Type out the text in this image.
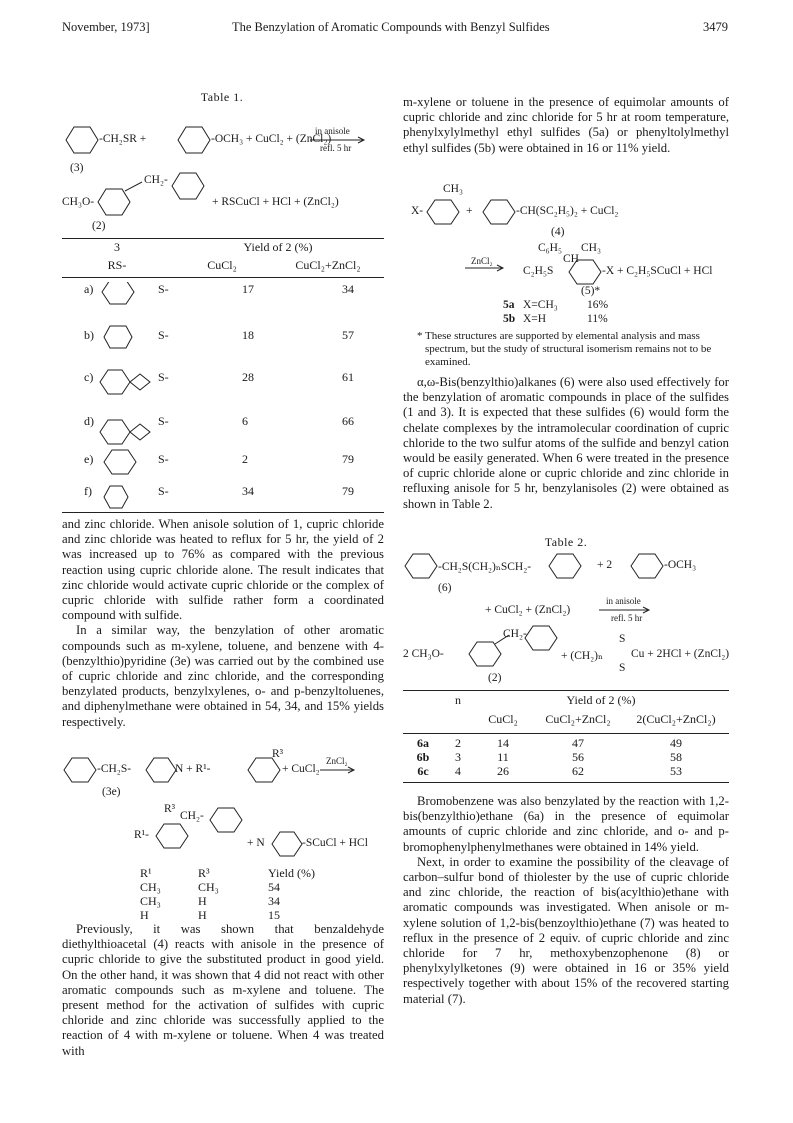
November, 1973]	The Benzylation of Aromatic Compounds with Benzyl Sulfides	3479
Table 1.
-CH₂SR +	-OCH₃ + CuCl₂ + (ZnCl₂)
in anisole
refl. 5 hr
(3)
CH₃O-
CH₂-
+ RSCuCl + HCl + (ZnCl₂)
(2)
3	Yield of 2 (%)	
RS-	CuCl₂	CuCl₂+ZnCl₂
a)	S-	17	34
b)	S-	18	57
c)	S-	28	61
d)	S-	6	66
e)	S-	2	79
f)	S-	34	79

and zinc chloride. When anisole solution of 1, cupric chloride and zinc chloride was heated to reflux for 5 hr, the yield of 2 was increased up to 76% as compared with the previous reaction using cupric chloride alone. The result indicates that zinc chloride would activate cupric chloride or the complex of cupric chloride with sulfide rather form a coordinated compound with sulfide.

In a similar way, the benzylation of other aromatic compounds such as m-xylene, toluene, and benzene with 4-(benzylthio)pyridine (3e) was carried out by the combined use of cupric chloride and zinc chloride, and the corresponding benzylated products, benzylxylenes, o- and p-benzyltoluenes, and diphenylmethane were obtained in 54, 34, and 15% yields respectively.

-CH₂S-	N + R¹-	+ CuCl₂
R³
ZnCl₂
(3e)
R³
CH₂-
R¹-
+ N	-SCuCl + HCl
R¹	R³	Yield (%)
CH₃	CH₃	54
CH₃	H	34
H	H	15

Previously, it was shown that benzaldehyde diethylthioacetal (4) reacts with anisole in the presence of cupric chloride to give the substituted product in good yield. On the other hand, it was shown that 4 did not react with other aromatic compounds such as m-xylene and toluene. The present method for the activation of sulfides with cupric chloride and zinc chloride was successfully applied to the reaction of 4 with m-xylene or toluene. When 4 was treated with

m-xylene or toluene in the presence of equimolar amounts of cupric chloride and zinc chloride for 5 hr at room temperature, phenylxylylmethyl ethyl sulfides (5a) or phenyltolylmethyl ethyl sulfides (5b) were obtained in 16 or 11% yield.

CH₃
X-	+	-CH(SC₂H₅)₂ + CuCl₂
(4)
C₆H₅ CH₃
CH
ZnCl₂
C₂H₅S	-X + C₂H₅SCuCl + HCl
(5)*
5a X=CH₃	16%
5b X=H	11%
* These structures are supported by elemental analysis and mass spectrum, but the study of structural isomerism remains not to be examined.

α,ω-Bis(benzylthio)alkanes (6) were also used effectively for the benzylation of aromatic compounds in place of the sulfides (1 and 3). It is expected that these sulfides (6) would form the chelate complexes by the intramolecular coordination of cupric chloride to the two sulfur atoms of the sulfide and benzyl cation would be easily generated. When 6 were treated in the presence of cupric chloride alone or cupric chloride and zinc chloride in refluxing anisole for 5 hr, benzylanisoles (2) were obtained as shown in Table 2.

Table 2.
-CH₂S(CH₂)ₙSCH₂-	+ 2	-OCH₃
(6)
+ CuCl₂ + (ZnCl₂)
in anisole
refl. 5 hr
2 CH₃O-
CH₂-
+ (CH₂)ₙ
S
S
Cu + 2HCl + (ZnCl₂)
(2)
	n	Yield of 2 (%)		
		CuCl₂	CuCl₂+ZnCl₂	2(CuCl₂+ZnCl₂)
6a	2	14	47	49
6b	3	11	56	58
6c	4	26	62	53

Bromobenzene was also benzylated by the reaction with 1,2-bis(benzylthio)ethane (6a) in the presence of equimolar amounts of cupric chloride and zinc chloride, and o- and p-bromophenylphenylmethanes were obtained in 14% yield.

Next, in order to examine the possibility of the cleavage of carbon–sulfur bond of thiolester by the use of cupric chloride and zinc chloride, the reaction of bis(acylthio)ethane with aromatic compounds was investigated. When anisole or m-xylene solution of 1,2-bis(benzoylthio)ethane (7) was heated to reflux in the presence of 2 equiv. of cupric chloride and zinc chloride for 7 hr, methoxybenzophenone (8) or phenylxylylketones (9) were obtained in 16 or 35% yield respectively together with about 15% of the recovered starting material (7).
